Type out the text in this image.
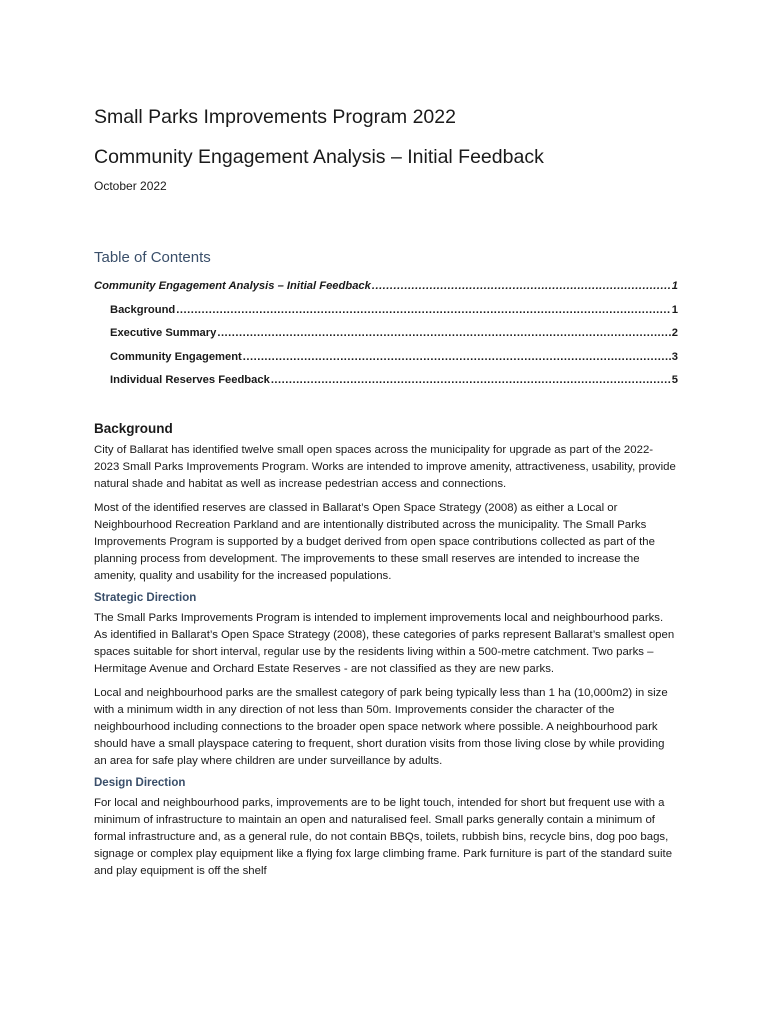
Small Parks Improvements Program 2022
Community Engagement Analysis – Initial Feedback
October 2022
Table of Contents
Community Engagement Analysis – Initial Feedback .....	1
Background .....	1
Executive Summary .....	2
Community Engagement .....	3
Individual Reserves Feedback .....	5
Background

City of Ballarat has identified twelve small open spaces across the municipality for upgrade as part of the 2022-2023 Small Parks Improvements Program. Works are intended to improve amenity, attractiveness, usability, provide natural shade and habitat as well as increase pedestrian access and connections.

Most of the identified reserves are classed in Ballarat’s Open Space Strategy (2008) as either a Local or Neighbourhood Recreation Parkland and are intentionally distributed across the municipality. The Small Parks Improvements Program is supported by a budget derived from open space contributions collected as part of the planning process from development. The improvements to these small reserves are intended to increase the amenity, quality and usability for the increased populations.

Strategic Direction

The Small Parks Improvements Program is intended to implement improvements local and neighbourhood parks. As identified in Ballarat’s Open Space Strategy (2008), these categories of parks represent Ballarat’s smallest open spaces suitable for short interval, regular use by the residents living within a 500-metre catchment. Two parks – Hermitage Avenue and Orchard Estate Reserves - are not classified as they are new parks.

Local and neighbourhood parks are the smallest category of park being typically less than 1 ha (10,000m2) in size with a minimum width in any direction of not less than 50m. Improvements consider the character of the neighbourhood including connections to the broader open space network where possible. A neighbourhood park should have a small playspace catering to frequent, short duration visits from those living close by while providing an area for safe play where children are under surveillance by adults.

Design Direction

For local and neighbourhood parks, improvements are to be light touch, intended for short but frequent use with a minimum of infrastructure to maintain an open and naturalised feel. Small parks generally contain a minimum of formal infrastructure and, as a general rule, do not contain BBQs, toilets, rubbish bins, recycle bins, dog poo bags, signage or complex play equipment like a flying fox large climbing frame. Park furniture is part of the standard suite and play equipment is off the shelf
